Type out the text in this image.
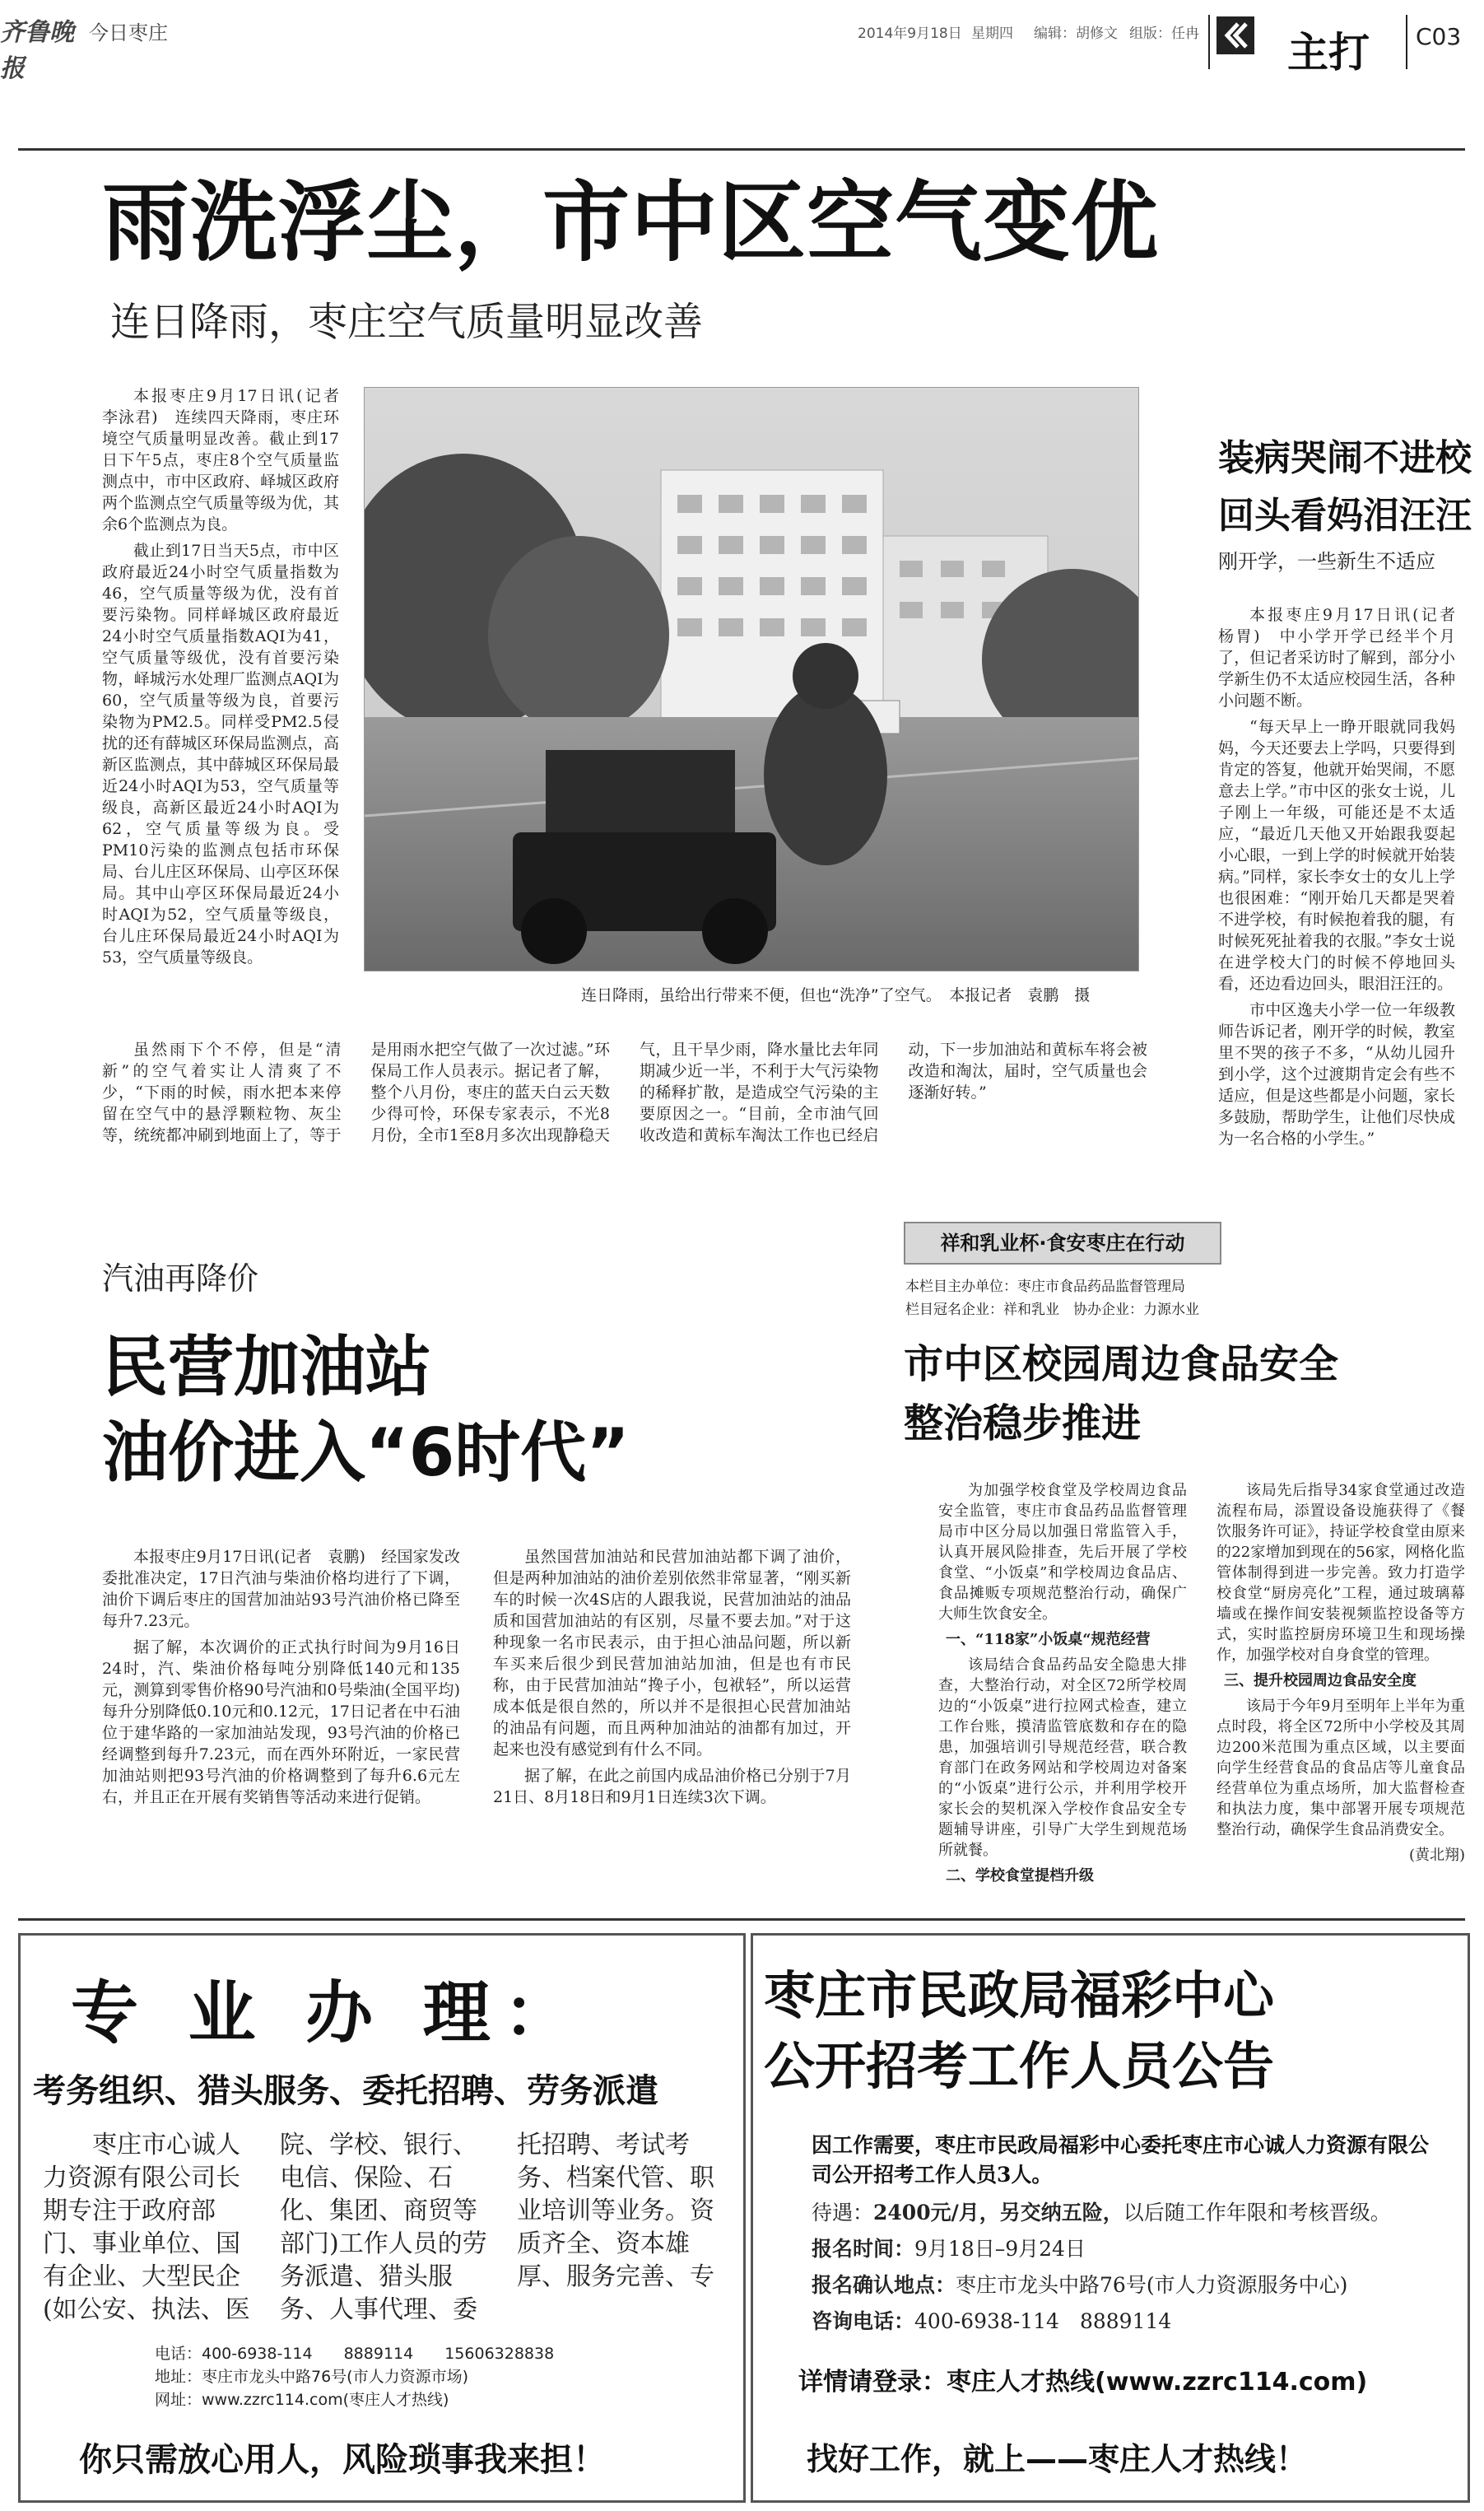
齐鲁晚报
今日枣庄	2014年9月18日 星期四 编辑：胡修文 组版：任冉 主打 C03
雨洗浮尘，市中区空气变优
连日降雨，枣庄空气质量明显改善

本报枣庄9月17日讯(记者　李泳君)　连续四天降雨，枣庄环境空气质量明显改善。截止到17日下午5点，枣庄8个空气质量监测点中，市中区政府、峄城区政府两个监测点空气质量等级为优，其余6个监测点为良。

截止到17日当天5点，市中区政府最近24小时空气质量指数为46，空气质量等级为优，没有首要污染物。同样峄城区政府最近24小时空气质量指数AQI为41，空气质量等级优，没有首要污染物，峄城污水处理厂监测点AQI为60，空气质量等级为良，首要污染物为PM2.5。同样受PM2.5侵扰的还有薛城区环保局监测点，高新区监测点，其中薛城区环保局最近24小时AQI为53，空气质量等级良，高新区最近24小时AQI为62，空气质量等级为良。受PM10污染的监测点包括市环保局、台儿庄区环保局、山亭区环保局。其中山亭区环保局最近24小时AQI为52，空气质量等级良，台儿庄环保局最近24小时AQI为53，空气质量等级良。

连日降雨，虽给出行带来不便，但也“洗净”了空气。　本报记者　袁鹏　摄

虽然雨下个不停，但是“清新”的空气着实让人清爽了不少，“下雨的时候，雨水把本来停留在空气中的悬浮颗粒物、灰尘等，统统都冲刷到地面上了，等于是用雨水把空气做了一次过滤。”环保局工作人员表示。据记者了解，整个八月份，枣庄的蓝天白云天数少得可怜，环保专家表示，不光8月份，全市1至8月多次出现静稳天气，且干旱少雨，降水量比去年同期减少近一半，不利于大气污染物的稀释扩散，是造成空气污染的主要原因之一。“目前，全市油气回收改造和黄标车淘汰工作也已经启动，下一步加油站和黄标车将会被改造和淘汰，届时，空气质量也会逐渐好转。”

装病哭闹不进校
回头看妈泪汪汪
刚开学，一些新生不适应

本报枣庄9月17日讯(记者　杨胃)　中小学开学已经半个月了，但记者采访时了解到，部分小学新生仍不太适应校园生活，各种小问题不断。

“每天早上一睁开眼就同我妈妈，今天还要去上学吗，只要得到肯定的答复，他就开始哭闹，不愿意去上学。”市中区的张女士说，儿子刚上一年级，可能还是不太适应，“最近几天他又开始跟我耍起小心眼，一到上学的时候就开始装病。”同样，家长李女士的女儿上学也很困难：“刚开始几天都是哭着不进学校，有时候抱着我的腿，有时候死死扯着我的衣服。”李女士说在进学校大门的时候不停地回头看，还边看边回头，眼泪汪汪的。

市中区逸夫小学一位一年级教师告诉记者，刚开学的时候，教室里不哭的孩子不多，“从幼儿园升到小学，这个过渡期肯定会有些不适应，但是这些都是小问题，家长多鼓励，帮助学生，让他们尽快成为一名合格的小学生。”

汽油再降价
民营加油站
油价进入“6时代”

本报枣庄9月17日讯(记者　袁鹏)　经国家发改委批准决定，17日汽油与柴油价格均进行了下调，油价下调后枣庄的国营加油站93号汽油价格已降至每升7.23元。

据了解，本次调价的正式执行时间为9月16日24时，汽、柴油价格每吨分别降低140元和135元，测算到零售价格90号汽油和0号柴油(全国平均)每升分别降低0.10元和0.12元，17日记者在中石油位于建华路的一家加油站发现，93号汽油的价格已经调整到每升7.23元，而在西外环附近，一家民营加油站则把93号汽油的价格调整到了每升6.6元左右，并且正在开展有奖销售等活动来进行促销。

虽然国营加油站和民营加油站都下调了油价，但是两种加油站的油价差别依然非常显著，“刚买新车的时候一次4S店的人跟我说，民营加油站的油品质和国营加油站的有区别，尽量不要去加。”对于这种现象一名市民表示，由于担心油品问题，所以新车买来后很少到民营加油站加油，但是也有市民称，由于民营加油站“搀子小，包袱轻”，所以运营成本低是很自然的，所以并不是很担心民营加油站的油品有问题，而且两种加油站的油都有加过，开起来也没有感觉到有什么不同。

据了解，在此之前国内成品油价格已分别于7月21日、8月18日和9月1日连续3次下调。

祥和乳业杯·食安枣庄在行动
本栏目主办单位：枣庄市食品药品监督管理局
栏目冠名企业：祥和乳业　协办企业：力源水业
市中区校园周边食品安全
整治稳步推进

为加强学校食堂及学校周边食品安全监管，枣庄市食品药品监督管理局市中区分局以加强日常监管入手，认真开展风险排查，先后开展了学校食堂、“小饭桌”和学校周边食品店、食品摊贩专项规范整治行动，确保广大师生饮食安全。

一、“118家”小饭桌“规范经营

该局结合食品药品安全隐患大排查，大整治行动，对全区72所学校周边的“小饭桌”进行拉网式检查，建立工作台账，摸清监管底数和存在的隐患，加强培训引导规范经营，联合教育部门在政务网站和学校周边对备案的“小饭桌”进行公示，并利用学校开家长会的契机深入学校作食品安全专题辅导讲座，引导广大学生到规范场所就餐。

二、学校食堂提档升级

该局先后指导34家食堂通过改造流程布局，添置设备设施获得了《餐饮服务许可证》，持证学校食堂由原来的22家增加到现在的56家，网格化监管体制得到进一步完善。致力打造学校食堂“厨房亮化”工程，通过玻璃幕墙或在操作间安装视频监控设备等方式，实时监控厨房环境卫生和现场操作，加强学校对自身食堂的管理。

三、提升校园周边食品安全度

该局于今年9月至明年上半年为重点时段，将全区72所中小学校及其周边200米范围为重点区域，以主要面向学生经营食品的食品店等儿童食品经营单位为重点场所，加大监督检查和执法力度，集中部署开展专项规范整治行动，确保学生食品消费安全。

(黄北翔)

专 业 办 理：
考务组织、猎头服务、委托招聘、劳务派遣
枣庄市心诚人力资源有限公司长期专注于政府部门、事业单位、国有企业、大型民企(如公安、执法、医院、学校、银行、电信、保险、石化、集团、商贸等部门)工作人员的劳务派遣、猎头服务、人事代理、委托招聘、考试考务、档案代管、职业培训等业务。资质齐全、资本雄厚、服务完善、专
电话：400-6938-114　　8889114　　15606328838
地址：枣庄市龙头中路76号(市人力资源市场)
网址：www.zzrc114.com(枣庄人才热线)
你只需放心用人，风险琐事我来担！
枣庄市民政局福彩中心
公开招考工作人员公告
因工作需要，枣庄市民政局福彩中心委托枣庄市心诚人力资源有限公司公开招考工作人员3人。
待遇：2400元/月，另交纳五险，以后随工作年限和考核晋级。
报名时间：9月18日–9月24日
报名确认地点：枣庄市龙头中路76号(市人力资源服务中心)
咨询电话：400-6938-114　8889114
详情请登录：枣庄人才热线(www.zzrc114.com)
找好工作，就上——枣庄人才热线！
